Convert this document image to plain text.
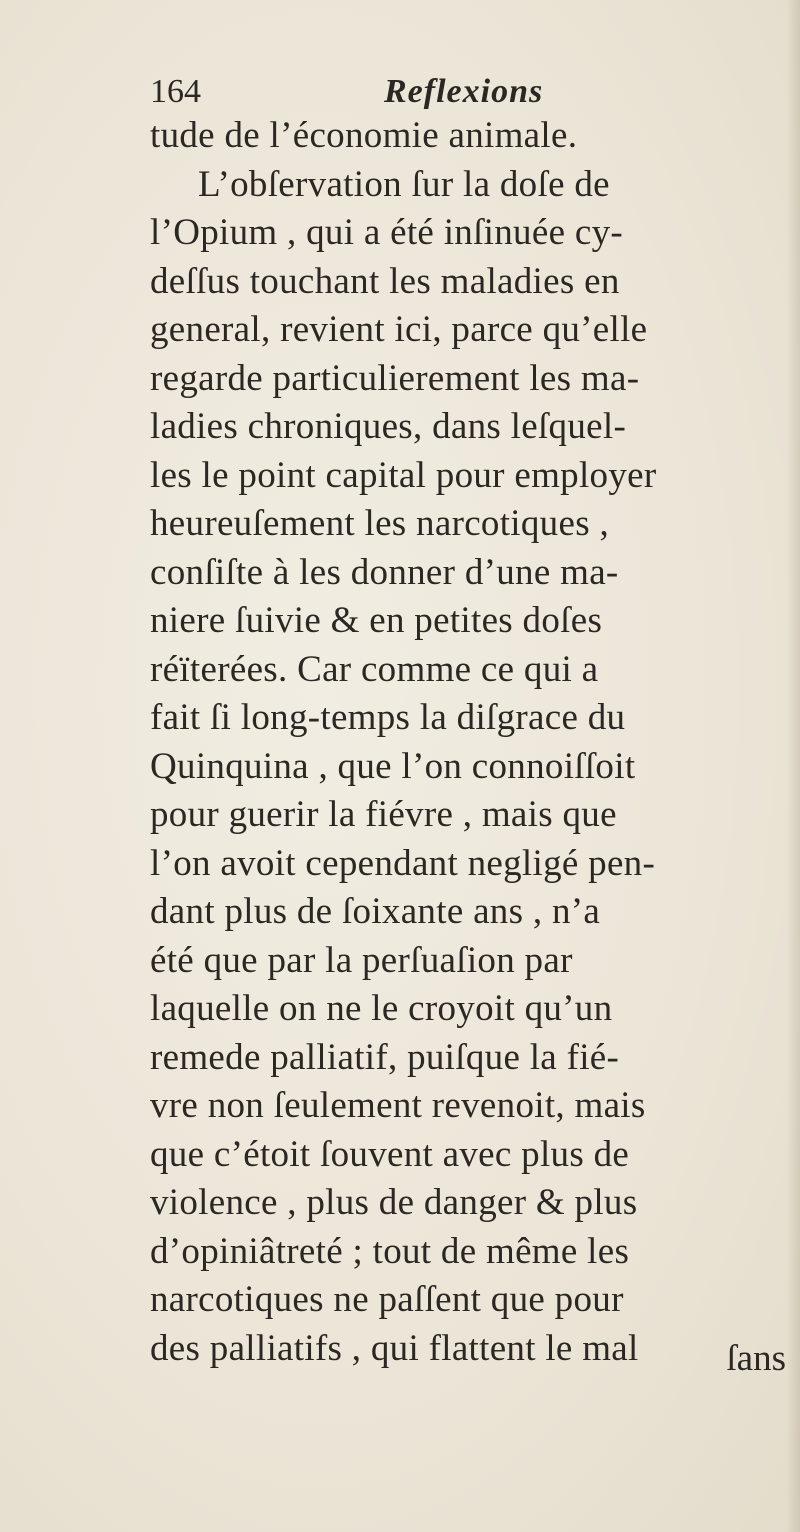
164	Reflexions
tude de l’économie animale.
L’obſervation ſur la doſe de
l’Opium , qui a été inſinuée cy-
deſſus touchant les maladies en
general, revient ici, parce qu’elle
regarde particulierement les ma-
ladies chroniques, dans leſquel-
les le point capital pour employer
heureuſement les narcotiques ,
conſiſte à les donner d’une ma-
niere ſuivie & en petites doſes
réïterées. Car comme ce qui a
fait ſi long-temps la diſgrace du
Quinquina , que l’on connoiſſoit
pour guerir la fiévre , mais que
l’on avoit cependant negligé pen-
dant plus de ſoixante ans , n’a
été que par la perſuaſion par
laquelle on ne le croyoit qu’un
remede palliatif, puiſque la fié-
vre non ſeulement revenoit, mais
que c’étoit ſouvent avec plus de
violence , plus de danger & plus
d’opiniâtreté ; tout de même les
narcotiques ne paſſent que pour
des palliatifs , qui flattent le mal	ſans
